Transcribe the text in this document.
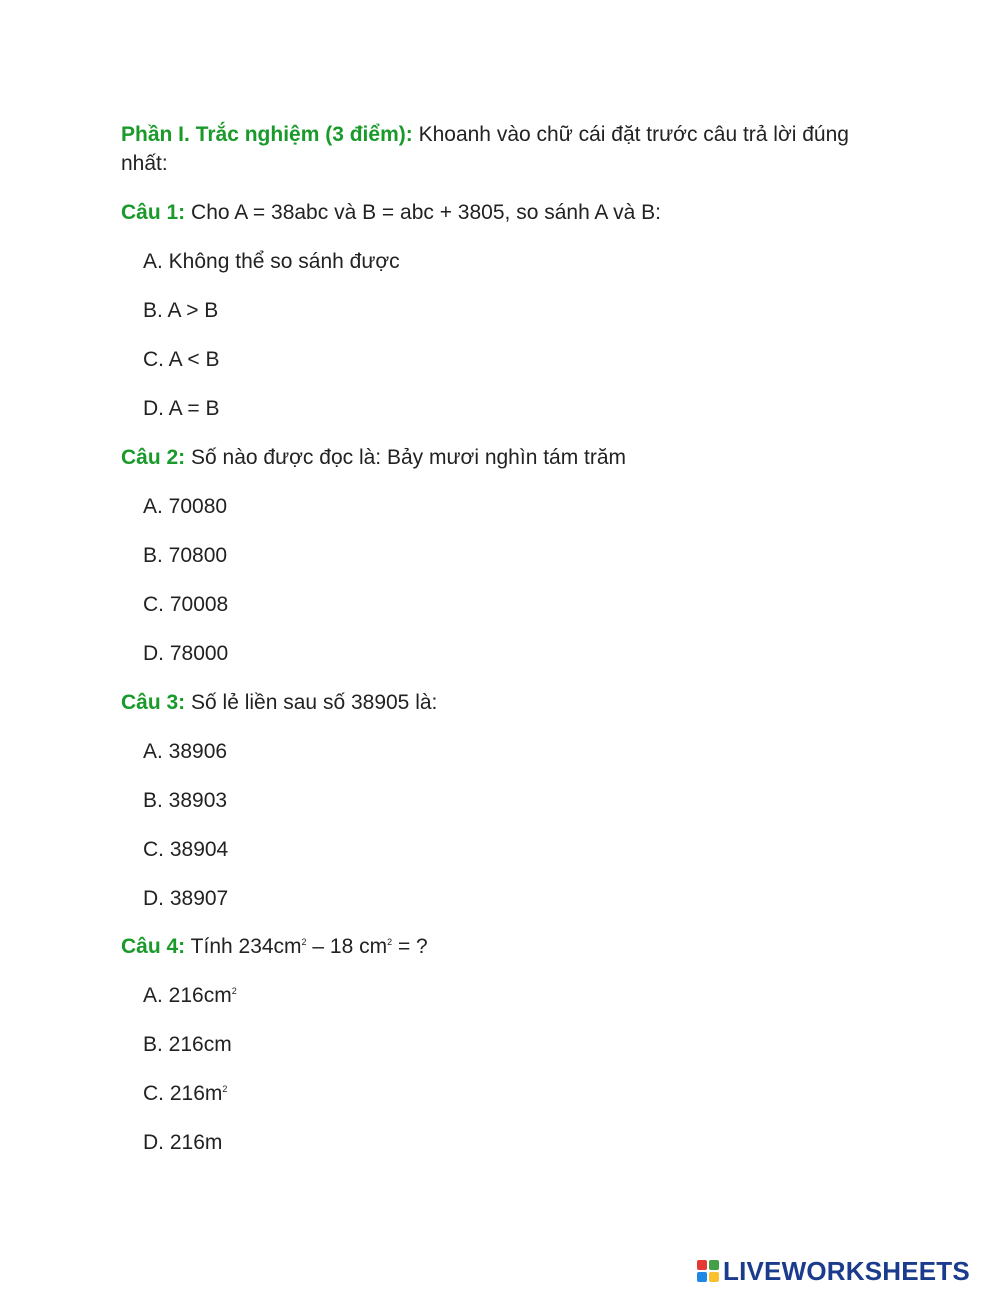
Phần I. Trắc nghiệm (3 điểm): Khoanh vào chữ cái đặt trước câu trả lời đúng nhất:

Câu 1: Cho A = 38abc và B = abc + 3805, so sánh A và B:

A. Không thể so sánh được

B. A > B

C. A < B

D. A = B

Câu 2: Số nào được đọc là: Bảy mươi nghìn tám trăm

A. 70080

B. 70800

C. 70008

D. 78000

Câu 3: Số lẻ liền sau số 38905 là:

A. 38906

B. 38903

C. 38904

D. 38907

Câu 4: Tính $234cm^2 - 18$ $cm^2$ = ?

A. $216cm^2$

B. 216cm

C. $216m^2$

D. 216m

LIVEWORKSHEETS
